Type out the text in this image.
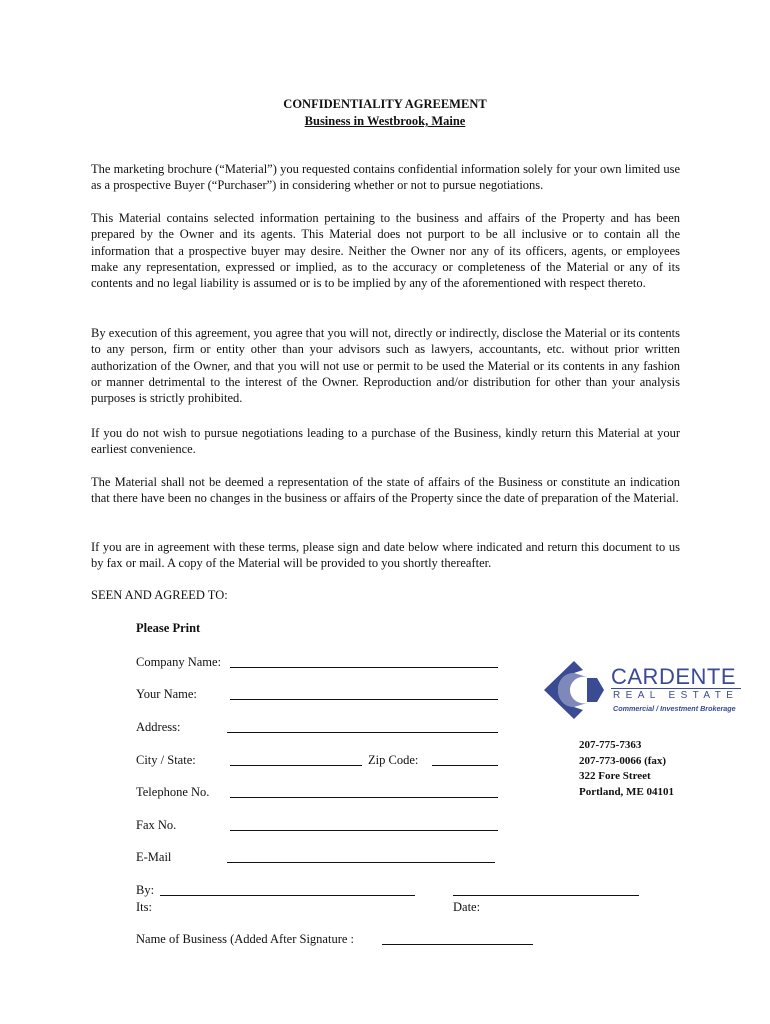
CONFIDENTIALITY AGREEMENT
Business in Westbrook, Maine

The marketing brochure (“Material”) you requested contains confidential information solely for your own limited use as a prospective Buyer (“Purchaser”) in considering whether or not to pursue negotiations.

This Material contains selected information pertaining to the business and affairs of the Property and has been prepared by the Owner and its agents. This Material does not purport to be all inclusive or to contain all the information that a prospective buyer may desire. Neither the Owner nor any of its officers, agents, or employees make any representation, expressed or implied, as to the accuracy or completeness of the Material or any of its contents and no legal liability is assumed or is to be implied by any of the aforementioned with respect thereto.

By execution of this agreement, you agree that you will not, directly or indirectly, disclose the Material or its contents to any person, firm or entity other than your advisors such as lawyers, accountants, etc. without prior written authorization of the Owner, and that you will not use or permit to be used the Material or its contents in any fashion or manner detrimental to the interest of the Owner. Reproduction and/or distribution for other than your analysis purposes is strictly prohibited.

If you do not wish to pursue negotiations leading to a purchase of the Business, kindly return this Material at your earliest convenience.

The Material shall not be deemed a representation of the state of affairs of the Business or constitute an indication that there have been no changes in the business or affairs of the Property since the date of preparation of the Material.

If you are in agreement with these terms, please sign and date below where indicated and return this document to us by fax or mail. A copy of the Material will be provided to you shortly thereafter.

SEEN AND AGREED TO:
Please Print
Company Name:
Your Name:
Address:
City / State:	Zip Code:
Telephone No.
Fax No.
E-Mail
By:
Its:	Date:
Name of Business (Added After Signature :
CARDENTE
REAL ESTATE
Commercial / Investment Brokerage
207-775-7363
207-773-0066 (fax)
322 Fore Street
Portland, ME 04101
